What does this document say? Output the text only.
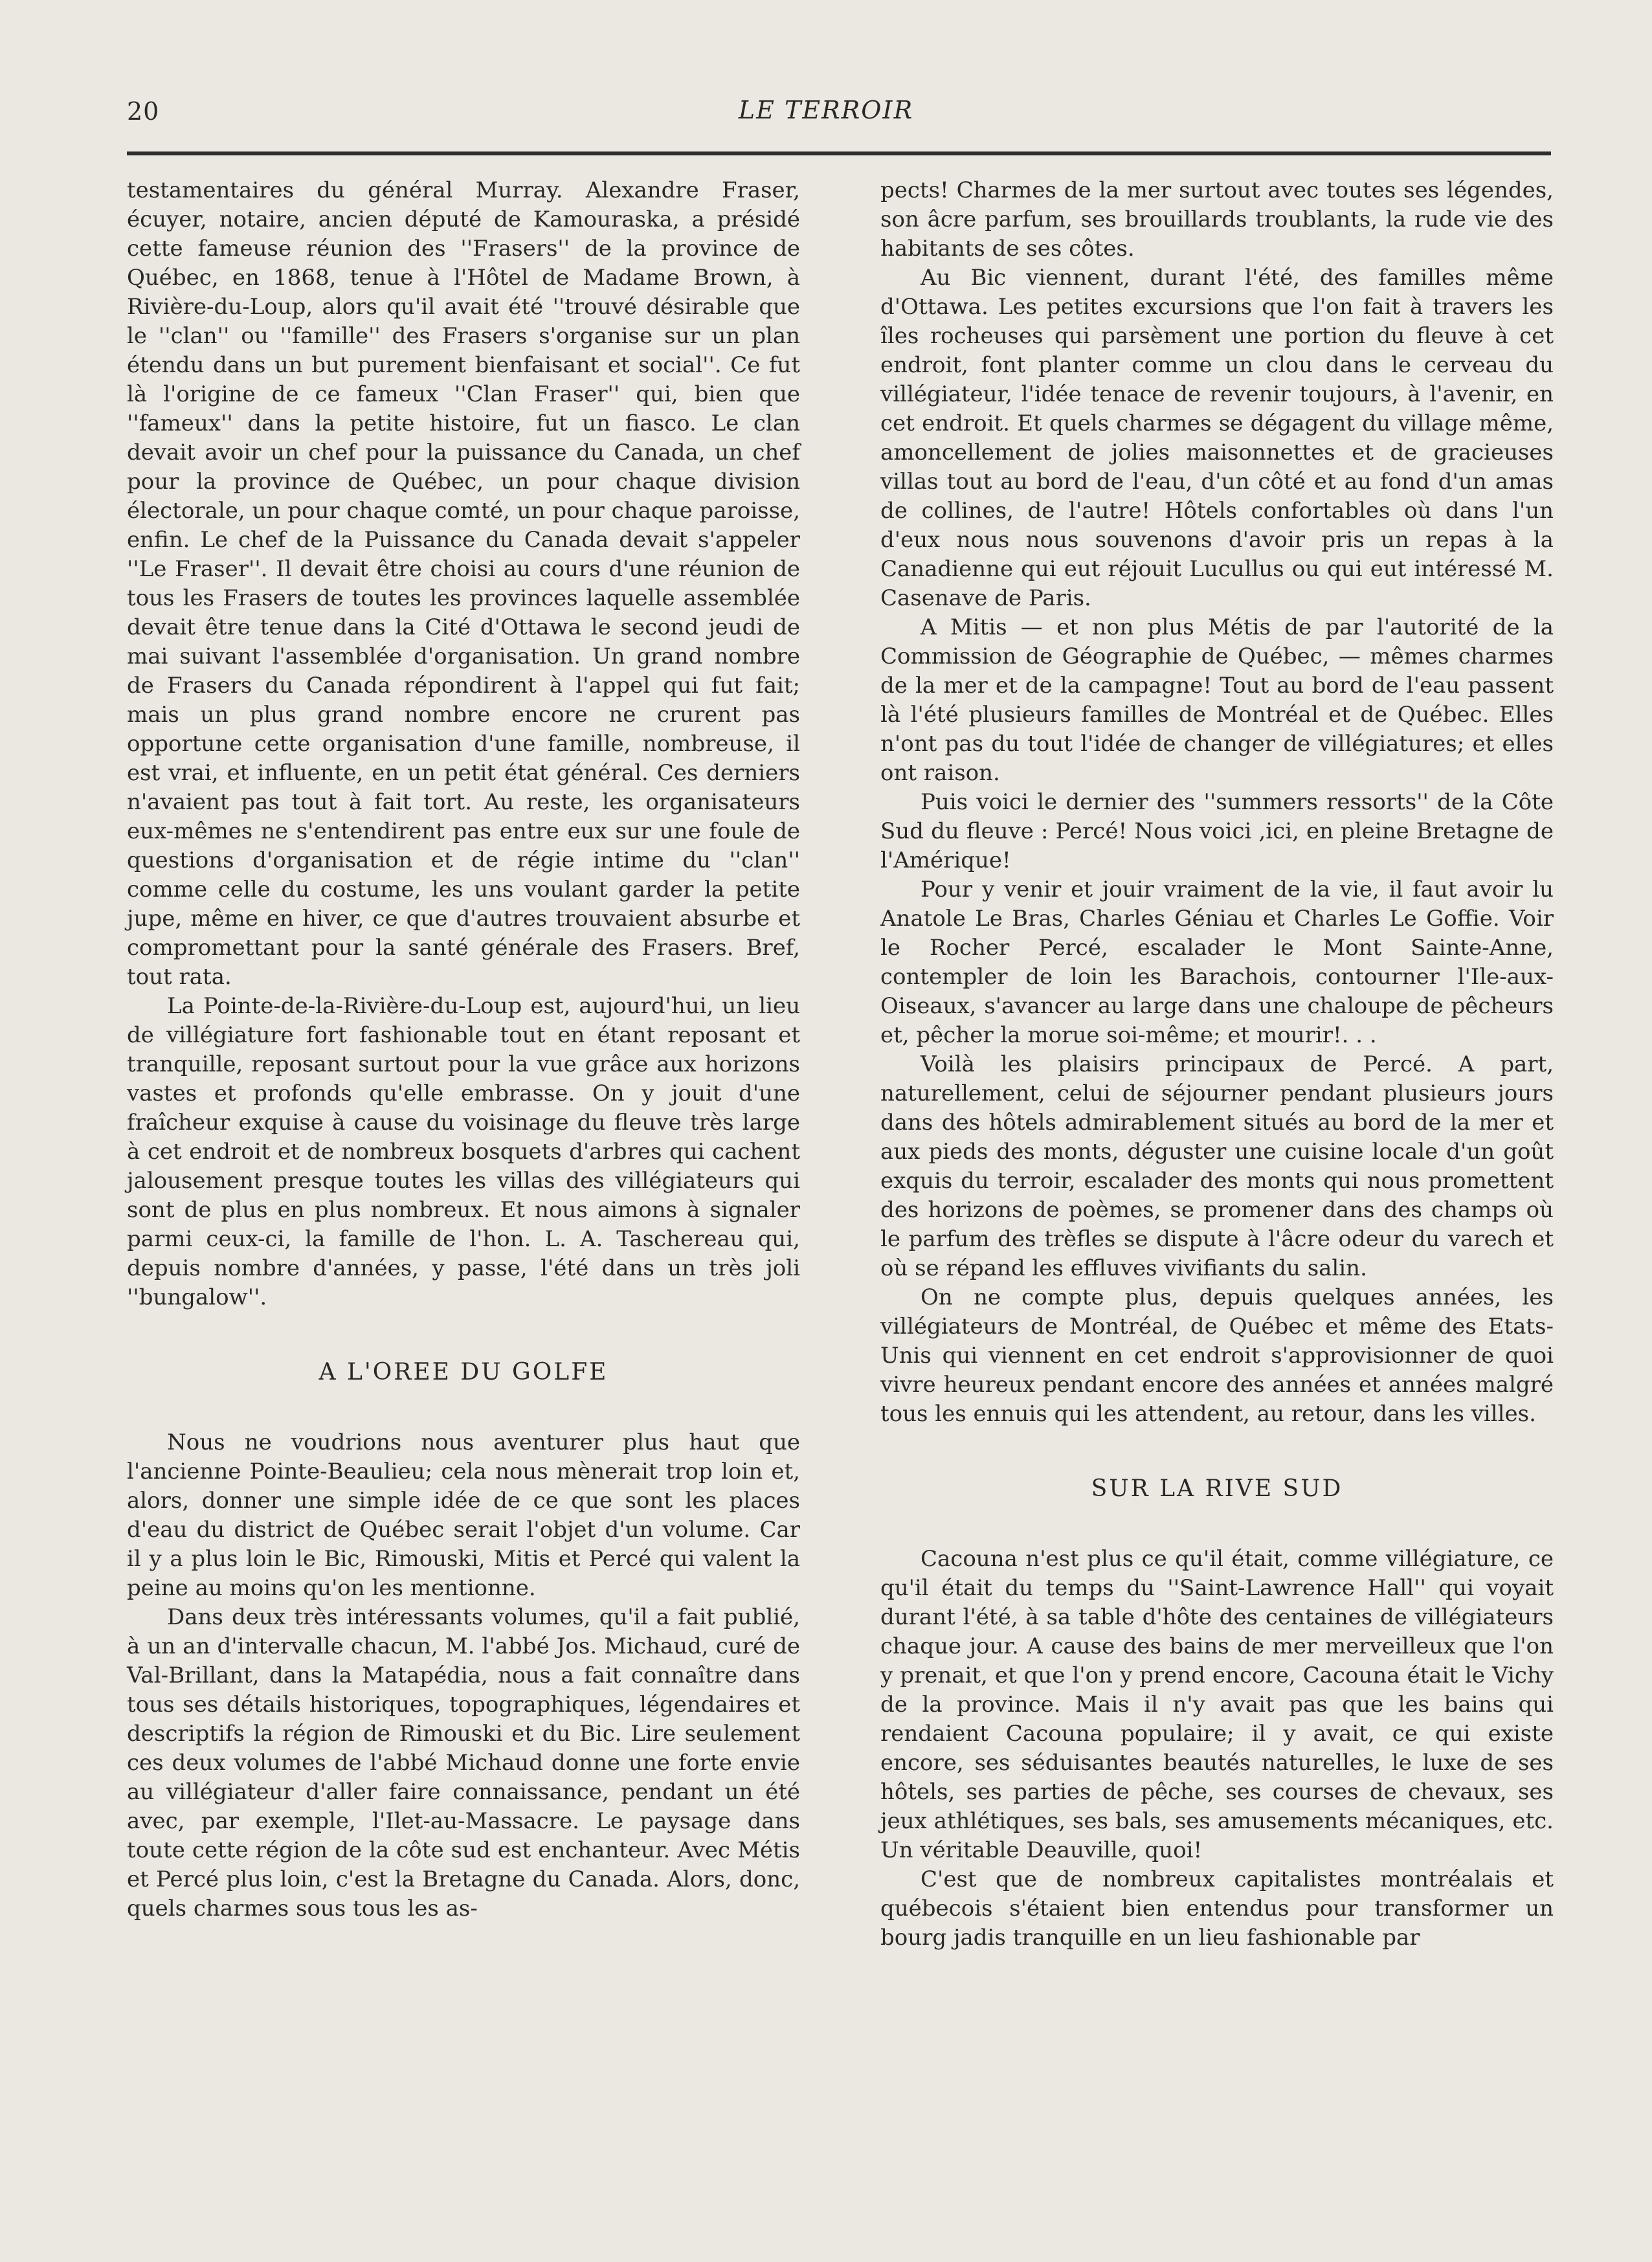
20	LE TERROIR

testamentaires du général Murray. Alexandre Fraser, écuyer, notaire, ancien député de Kamouraska, a présidé cette fameuse réunion des ''Frasers'' de la province de Québec, en 1868, tenue à l'Hôtel de Madame Brown, à Rivière-du-Loup, alors qu'il avait été ''trouvé désirable que le ''clan'' ou ''famille'' des Frasers s'organise sur un plan étendu dans un but purement bienfaisant et social''. Ce fut là l'origine de ce fameux ''Clan Fraser'' qui, bien que ''fameux'' dans la petite histoire, fut un fiasco. Le clan devait avoir un chef pour la puissance du Canada, un chef pour la province de Québec, un pour chaque division électorale, un pour chaque comté, un pour chaque paroisse, enfin. Le chef de la Puissance du Canada devait s'appeler ''Le Fraser''. Il devait être choisi au cours d'une réunion de tous les Frasers de toutes les provinces laquelle assemblée devait être tenue dans la Cité d'Ottawa le second jeudi de mai suivant l'assemblée d'organisation. Un grand nombre de Frasers du Canada répondirent à l'appel qui fut fait; mais un plus grand nombre encore ne crurent pas opportune cette organisation d'une famille, nombreuse, il est vrai, et influente, en un petit état général. Ces derniers n'avaient pas tout à fait tort. Au reste, les organisateurs eux-mêmes ne s'entendirent pas entre eux sur une foule de questions d'organisation et de régie intime du ''clan'' comme celle du costume, les uns voulant garder la petite jupe, même en hiver, ce que d'autres trouvaient absurbe et compromettant pour la santé générale des Frasers. Bref, tout rata.

La Pointe-de-la-Rivière-du-Loup est, aujourd'hui, un lieu de villégiature fort fashionable tout en étant reposant et tranquille, reposant surtout pour la vue grâce aux horizons vastes et profonds qu'elle embrasse. On y jouit d'une fraîcheur exquise à cause du voisinage du fleuve très large à cet endroit et de nombreux bosquets d'arbres qui cachent jalousement presque toutes les villas des villégiateurs qui sont de plus en plus nombreux. Et nous aimons à signaler parmi ceux-ci, la famille de l'hon. L. A. Taschereau qui, depuis nombre d'années, y passe, l'été dans un très joli ''bungalow''.

A L'OREE DU GOLFE

Nous ne voudrions nous aventurer plus haut que l'ancienne Pointe-Beaulieu; cela nous mènerait trop loin et, alors, donner une simple idée de ce que sont les places d'eau du district de Québec serait l'objet d'un volume. Car il y a plus loin le Bic, Rimouski, Mitis et Percé qui valent la peine au moins qu'on les mentionne.

Dans deux très intéressants volumes, qu'il a fait publié, à un an d'intervalle chacun, M. l'abbé Jos. Michaud, curé de Val-Brillant, dans la Matapédia, nous a fait connaître dans tous ses détails historiques, topographiques, légendaires et descriptifs la région de Rimouski et du Bic. Lire seulement ces deux volumes de l'abbé Michaud donne une forte envie au villégiateur d'aller faire connaissance, pendant un été avec, par exemple, l'Ilet-au-Massacre. Le paysage dans toute cette région de la côte sud est enchanteur. Avec Métis et Percé plus loin, c'est la Bretagne du Canada. Alors, donc, quels charmes sous tous les as-

pects! Charmes de la mer surtout avec toutes ses légendes, son âcre parfum, ses brouillards troublants, la rude vie des habitants de ses côtes.

Au Bic viennent, durant l'été, des familles même d'Ottawa. Les petites excursions que l'on fait à travers les îles rocheuses qui parsèment une portion du fleuve à cet endroit, font planter comme un clou dans le cerveau du villégiateur, l'idée tenace de revenir toujours, à l'avenir, en cet endroit. Et quels charmes se dégagent du village même, amoncellement de jolies maisonnettes et de gracieuses villas tout au bord de l'eau, d'un côté et au fond d'un amas de collines, de l'autre! Hôtels confortables où dans l'un d'eux nous nous souvenons d'avoir pris un repas à la Canadienne qui eut réjouit Lucullus ou qui eut intéressé M. Casenave de Paris.

A Mitis — et non plus Métis de par l'autorité de la Commission de Géographie de Québec, — mêmes charmes de la mer et de la campagne! Tout au bord de l'eau passent là l'été plusieurs familles de Montréal et de Québec. Elles n'ont pas du tout l'idée de changer de villégiatures; et elles ont raison.

Puis voici le dernier des ''summers ressorts'' de la Côte Sud du fleuve : Percé! Nous voici ,ici, en pleine Bretagne de l'Amérique!

Pour y venir et jouir vraiment de la vie, il faut avoir lu Anatole Le Bras, Charles Géniau et Charles Le Goffie. Voir le Rocher Percé, escalader le Mont Sainte-Anne, contempler de loin les Barachois, contourner l'Ile-aux-Oiseaux, s'avancer au large dans une chaloupe de pêcheurs et, pêcher la morue soi-même; et mourir!. . .

Voilà les plaisirs principaux de Percé. A part, naturellement, celui de séjourner pendant plusieurs jours dans des hôtels admirablement situés au bord de la mer et aux pieds des monts, déguster une cuisine locale d'un goût exquis du terroir, escalader des monts qui nous promettent des horizons de poèmes, se promener dans des champs où le parfum des trèfles se dispute à l'âcre odeur du varech et où se répand les effluves vivifiants du salin.

On ne compte plus, depuis quelques années, les villégiateurs de Montréal, de Québec et même des Etats-Unis qui viennent en cet endroit s'approvisionner de quoi vivre heureux pendant encore des années et années malgré tous les ennuis qui les attendent, au retour, dans les villes.

SUR LA RIVE SUD

Cacouna n'est plus ce qu'il était, comme villégiature, ce qu'il était du temps du ''Saint-Lawrence Hall'' qui voyait durant l'été, à sa table d'hôte des centaines de villégiateurs chaque jour. A cause des bains de mer merveilleux que l'on y prenait, et que l'on y prend encore, Cacouna était le Vichy de la province. Mais il n'y avait pas que les bains qui rendaient Cacouna populaire; il y avait, ce qui existe encore, ses séduisantes beautés naturelles, le luxe de ses hôtels, ses parties de pêche, ses courses de chevaux, ses jeux athlétiques, ses bals, ses amusements mécaniques, etc. Un véritable Deauville, quoi!

C'est que de nombreux capitalistes montréalais et québecois s'étaient bien entendus pour transformer un bourg jadis tranquille en un lieu fashionable par
